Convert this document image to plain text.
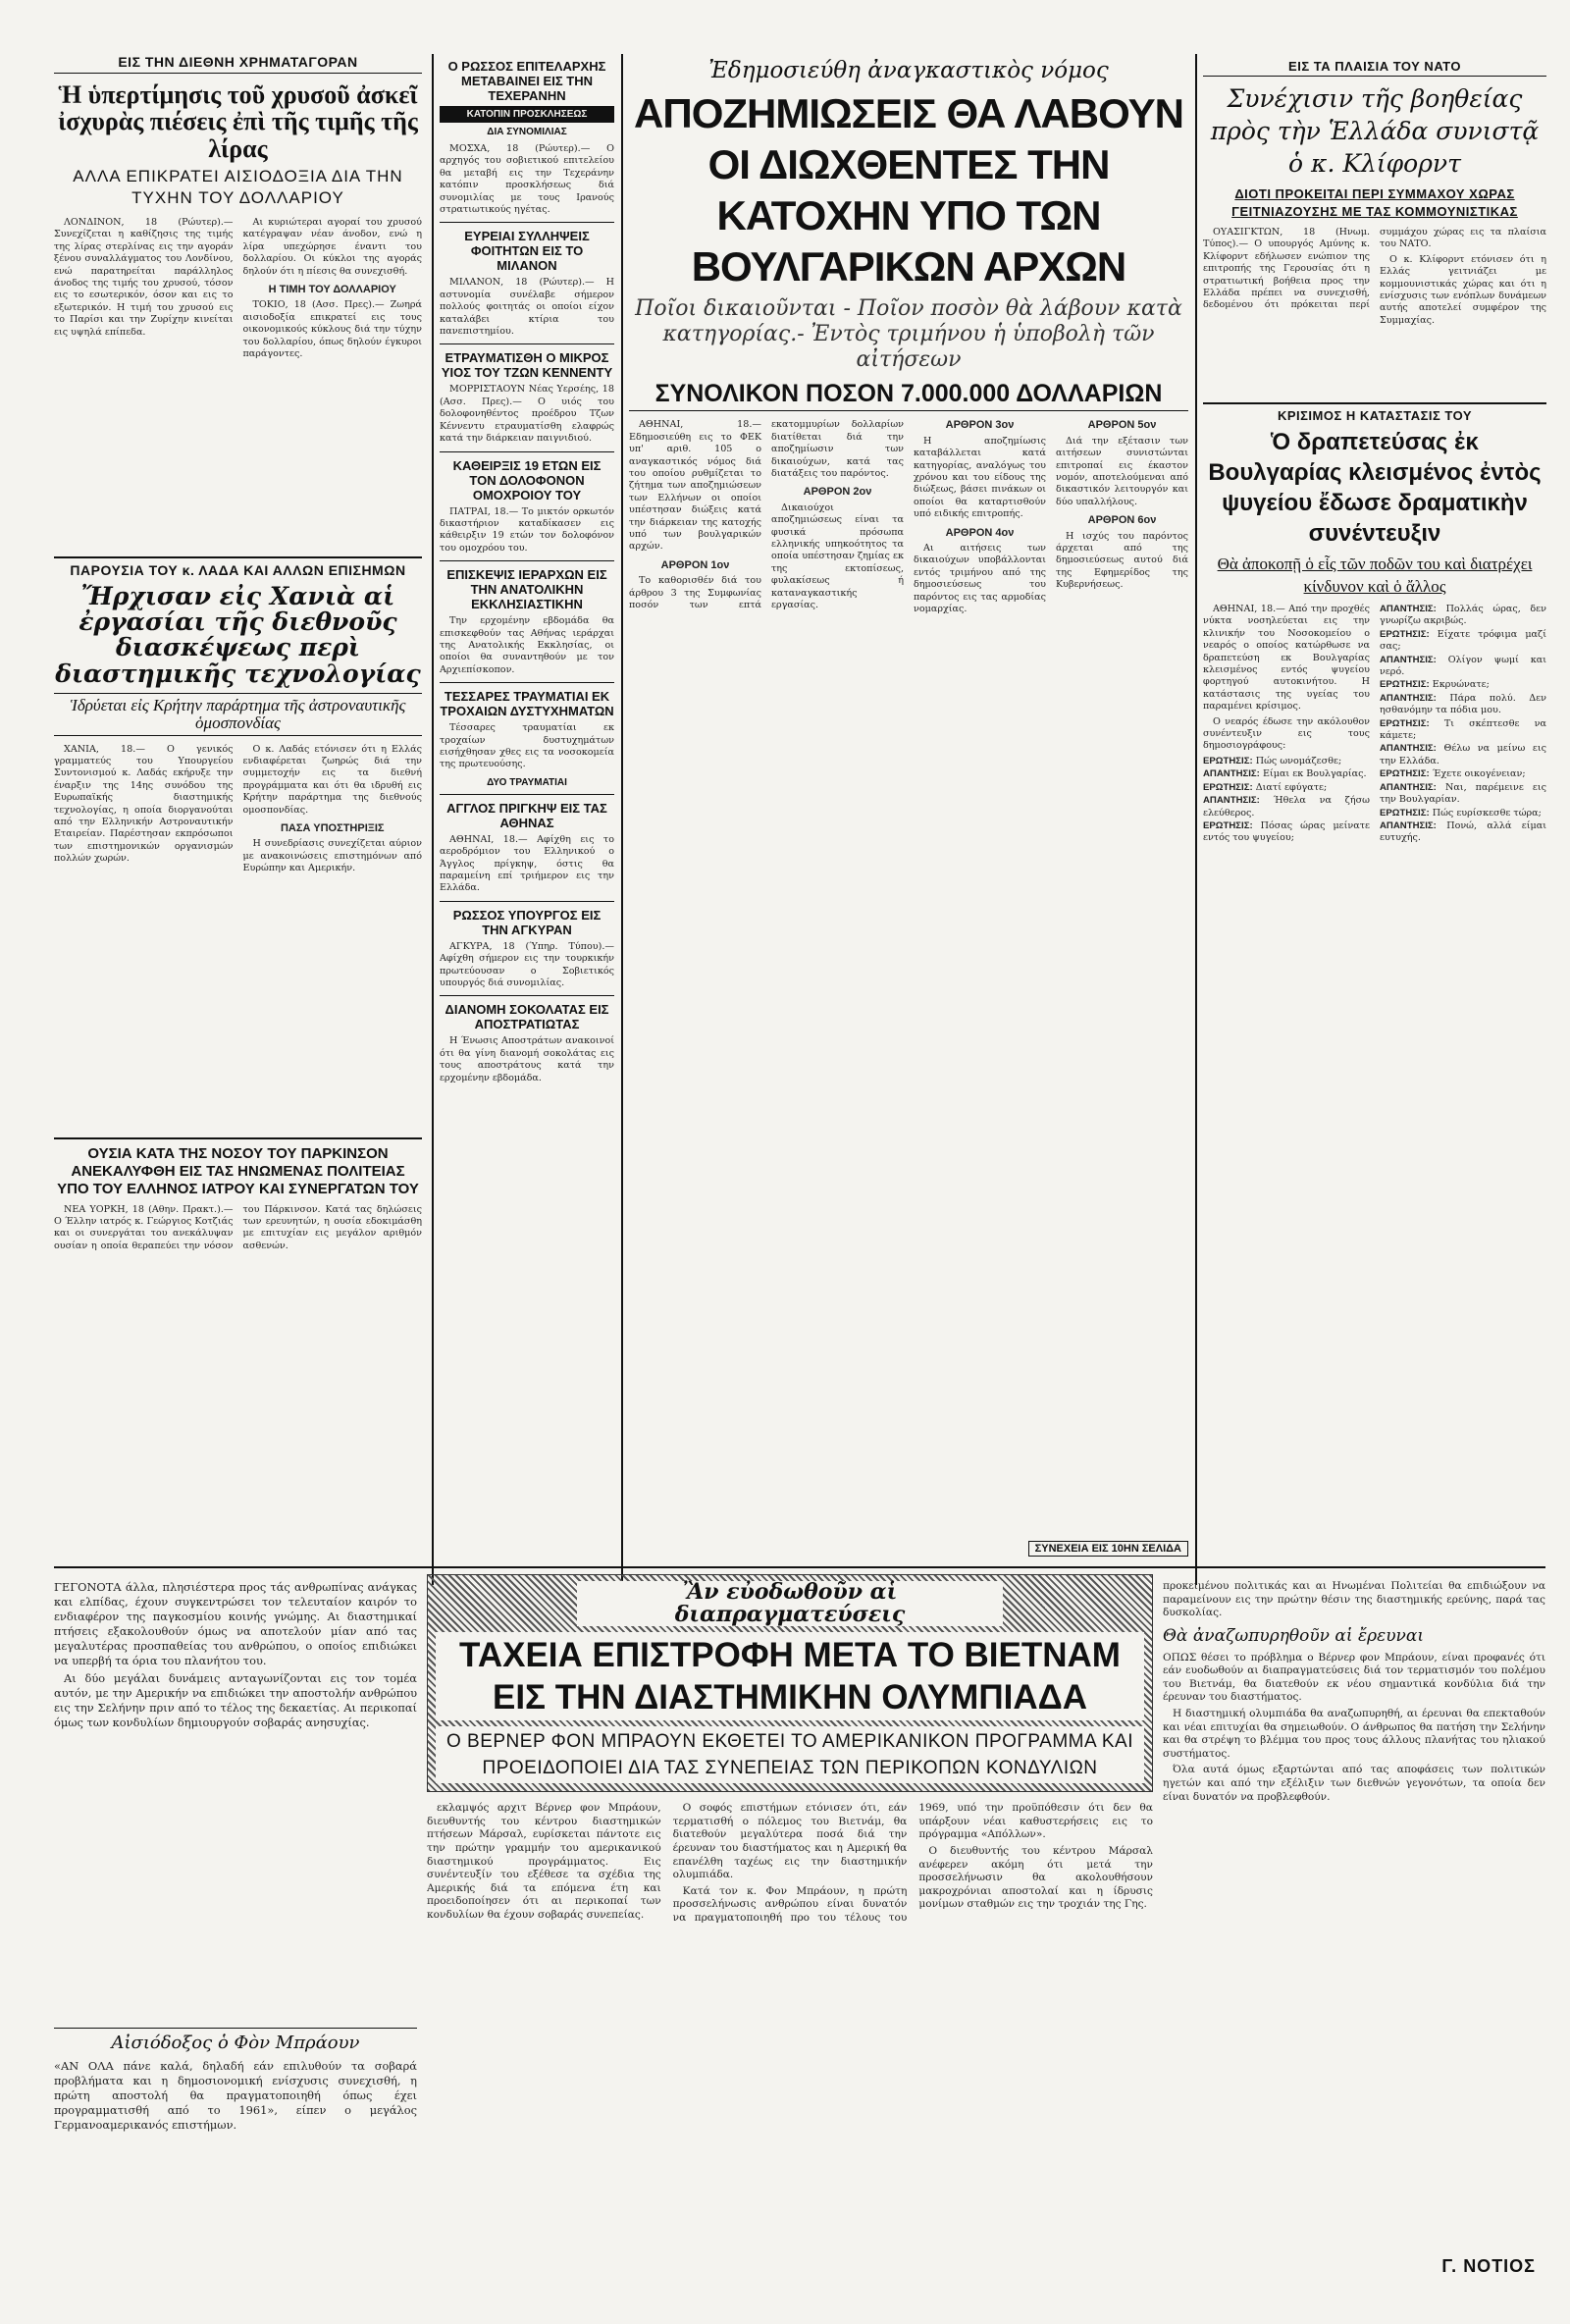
ΕΙΣ ΤΗΝ ΔΙΕΘΝΗ ΧΡΗΜΑΤΑΓΟΡΑΝ
Ἡ ὑπερτίμησις τοῦ χρυσοῦ ἀσκεῖ ἰσχυρὰς πιέσεις ἐπὶ τῆς τιμῆς τῆς λίρας
ΑΛΛΑ ΕΠΙΚΡΑΤΕΙ ΑΙΣΙΟΔΟΞΙΑ ΔΙΑ ΤΗΝ ΤΥΧΗΝ ΤΟΥ ΔΟΛΛΑΡΙΟΥ

ΛΟΝΔΙΝΟΝ, 18 (Ρώυτερ).— Συνεχίζεται η καθίζησις της τιμής της λίρας στερλίνας εις την αγοράν ξένου συναλλάγματος του Λονδίνου, ενώ παρατηρείται παράλληλος άνοδος της τιμής του χρυσού, τόσον εις το εσωτερικόν, όσον και εις το εξωτερικόν. Η τιμή του χρυσού εις το Παρίσι και την Ζυρίχην κινείται εις υψηλά επίπεδα.

Αι κυριώτεραι αγοραί του χρυσού κατέγραψαν νέαν άνοδον, ενώ η λίρα υπεχώρησε έναντι του δολλαρίου. Οι κύκλοι της αγοράς δηλούν ότι η πίεσις θα συνεχισθή.

Η ΤΙΜΗ ΤΟΥ ΔΟΛΛΑΡΙΟΥ

ΤΟΚΙΟ, 18 (Ασσ. Πρες).— Ζωηρά αισιοδοξία επικρατεί εις τους οικονομικούς κύκλους διά την τύχην του δολλαρίου, όπως δηλούν έγκυροι παράγοντες.

ΠΑΡΟΥΣΙΑ ΤΟΥ κ. ΛΑΔΑ ΚΑΙ ΑΛΛΩΝ ΕΠΙΣΗΜΩΝ
Ἤρχισαν εἰς Χανιὰ αἱ ἐργασίαι τῆς διεθνοῦς διασκέψεως περὶ διαστημικῆς τεχνολογίας
Ἱδρύεται εἰς Κρήτην παράρτημα τῆς ἀστροναυτικῆς ὁμοσπονδίας

ΧΑΝΙΑ, 18.— Ο γενικός γραμματεύς του Υπουργείου Συντονισμού κ. Λαδάς εκήρυξε την έναρξιν της 14ης συνόδου της Ευρωπαϊκής διαστημικής τεχνολογίας, η οποία διοργανούται από την Ελληνικήν Αστροναυτικήν Εταιρείαν. Παρέστησαν εκπρόσωποι των επιστημονικών οργανισμών πολλών χωρών.

Ο κ. Λαδάς ετόνισεν ότι η Ελλάς ενδιαφέρεται ζωηρώς διά την συμμετοχήν εις τα διεθνή προγράμματα και ότι θα ιδρυθή εις Κρήτην παράρτημα της διεθνούς ομοσπονδίας.

ΠΑΣΑ ΥΠΟΣΤΗΡΙΞΙΣ

Η συνεδρίασις συνεχίζεται αύριον με ανακοινώσεις επιστημόνων από Ευρώπην και Αμερικήν.

ΟΥΣΙΑ ΚΑΤΑ ΤΗΣ ΝΟΣΟΥ ΤΟΥ ΠΑΡΚΙΝΣΟΝ ΑΝΕΚΑΛΥΦΘΗ ΕΙΣ ΤΑΣ ΗΝΩΜΕΝΑΣ ΠΟΛΙΤΕΙΑΣ ΥΠΟ ΤΟΥ ΕΛΛΗΝΟΣ ΙΑΤΡΟΥ ΚΑΙ ΣΥΝΕΡΓΑΤΩΝ ΤΟΥ

ΝΕΑ ΥΟΡΚΗ, 18 (Αθην. Πρακτ.).— Ο Έλλην ιατρός κ. Γεώργιος Κοτζιάς και οι συνεργάται του ανεκάλυψαν ουσίαν η οποία θεραπεύει την νόσον του Πάρκινσον. Κατά τας δηλώσεις των ερευνητών, η ουσία εδοκιμάσθη με επιτυχίαν εις μεγάλον αριθμόν ασθενών.

Ο ΡΩΣΣΟΣ ΕΠΙΤΕΛΑΡΧΗΣ ΜΕΤΑΒΑΙΝΕΙ ΕΙΣ ΤΗΝ ΤΕΧΕΡΑΝΗΝ
ΚΑΤΟΠΙΝ ΠΡΟΣΚΛΗΣΕΩΣ
ΔΙΑ ΣΥΝΟΜΙΛΙΑΣ

ΜΟΣΧΑ, 18 (Ρώυτερ).— Ο αρχηγός του σοβιετικού επιτελείου θα μεταβή εις την Τεχεράνην κατόπιν προσκλήσεως διά συνομιλίας με τους Ιρανούς στρατιωτικούς ηγέτας.

ΕΥΡΕΙΑΙ ΣΥΛΛΗΨΕΙΣ ΦΟΙΤΗΤΩΝ ΕΙΣ ΤΟ ΜΙΛΑΝΟΝ

ΜΙΛΑΝΟΝ, 18 (Ρώυτερ).— Η αστυνομία συνέλαβε σήμερον πολλούς φοιτητάς οι οποίοι είχον καταλάβει κτίρια του πανεπιστημίου.

ΕΤΡΑΥΜΑΤΙΣΘΗ Ο ΜΙΚΡΟΣ ΥΙΟΣ ΤΟΥ ΤΖΩΝ ΚΕΝΝΕΝΤΥ

ΜΟΡΡΙΣΤΑΟΥΝ Νέας Υερσέης, 18 (Ασσ. Πρες).— Ο υιός του δολοφονηθέντος προέδρου Τζων Κέννεντυ ετραυματίσθη ελαφρώς κατά την διάρκειαν παιγνιδιού.

ΚΑΘΕΙΡΞΙΣ 19 ΕΤΩΝ ΕΙΣ ΤΟΝ ΔΟΛΟΦΟΝΟΝ ΟΜΟΧΡΟΙΟΥ ΤΟΥ

ΠΑΤΡΑΙ, 18.— Το μικτόν ορκωτόν δικαστήριον καταδίκασεν εις κάθειρξιν 19 ετών τον δολοφόνον του ομοχρόου του.

ΕΠΙΣΚΕΨΙΣ ΙΕΡΑΡΧΩΝ ΕΙΣ ΤΗΝ ΑΝΑΤΟΛΙΚΗΝ ΕΚΚΛΗΣΙΑΣΤΙΚΗΝ

Την ερχομένην εβδομάδα θα επισκεφθούν τας Αθήνας ιεράρχαι της Ανατολικής Εκκλησίας, οι οποίοι θα συναντηθούν με τον Αρχιεπίσκοπον.

ΤΕΣΣΑΡΕΣ ΤΡΑΥΜΑΤΙΑΙ ΕΚ ΤΡΟΧΑΙΩΝ ΔΥΣΤΥΧΗΜΑΤΩΝ

Τέσσαρες τραυματίαι εκ τροχαίων δυστυχημάτων εισήχθησαν χθες εις τα νοσοκομεία της πρωτευούσης.

ΔΥΟ ΤΡΑΥΜΑΤΙΑΙ
ΑΓΓΛΟΣ ΠΡΙΓΚΗΨ ΕΙΣ ΤΑΣ ΑΘΗΝΑΣ

ΑΘΗΝΑΙ, 18.— Αφίχθη εις το αεροδρόμιον του Ελληνικού ο Άγγλος πρίγκηψ, όστις θα παραμείνη επί τριήμερον εις την Ελλάδα.

ΡΩΣΣΟΣ ΥΠΟΥΡΓΟΣ ΕΙΣ ΤΗΝ ΑΓΚΥΡΑΝ

ΑΓΚΥΡΑ, 18 (Ύπηρ. Τύπου).— Αφίχθη σήμερον εις την τουρκικήν πρωτεύουσαν ο Σοβιετικός υπουργός διά συνομιλίας.

ΔΙΑΝΟΜΗ ΣΟΚΟΛΑΤΑΣ ΕΙΣ ΑΠΟΣΤΡΑΤΙΩΤΑΣ

Η Ένωσις Αποστράτων ανακοινοί ότι θα γίνη διανομή σοκολάτας εις τους αποστράτους κατά την ερχομένην εβδομάδα.

Ἐδημοσιεύθη ἀναγκαστικὸς νόμος
ΑΠΟΖΗΜΙΩΣΕΙΣ ΘΑ ΛΑΒΟΥΝ ΟΙ ΔΙΩΧΘΕΝΤΕΣ ΤΗΝ ΚΑΤΟΧΗΝ ΥΠΟ ΤΩΝ ΒΟΥΛΓΑΡΙΚΩΝ ΑΡΧΩΝ
Ποῖοι δικαιοῦνται - Ποῖον ποσὸν θὰ λάβουν κατὰ κατηγορίας.- Ἐντὸς τριμήνου ἡ ὑποβολὴ τῶν αἰτήσεων
ΣΥΝΟΛΙΚΟΝ ΠΟΣΟΝ 7.000.000 ΔΟΛΛΑΡΙΩΝ

ΑΘΗΝΑΙ, 18.— Εδημοσιεύθη εις το ΦΕΚ υπ' αριθ. 105 ο αναγκαστικός νόμος διά του οποίου ρυθμίζεται το ζήτημα των αποζημιώσεων των Ελλήνων οι οποίοι υπέστησαν διώξεις κατά την διάρκειαν της κατοχής υπό των βουλγαρικών αρχών.

ΑΡΘΡΟΝ 1ον

Το καθορισθέν διά του άρθρου 3 της Συμφωνίας ποσόν των επτά εκατομμυρίων δολλαρίων διατίθεται διά την αποζημίωσιν των δικαιούχων, κατά τας διατάξεις του παρόντος.

ΑΡΘΡΟΝ 2ον

Δικαιούχοι αποζημιώσεως είναι τα φυσικά πρόσωπα ελληνικής υπηκοότητος τα οποία υπέστησαν ζημίας εκ της εκτοπίσεως, φυλακίσεως ή καταναγκαστικής εργασίας.

ΑΡΘΡΟΝ 3ον

Η αποζημίωσις καταβάλλεται κατά κατηγορίας, αναλόγως του χρόνου και του είδους της διώξεως, βάσει πινάκων οι οποίοι θα καταρτισθούν υπό ειδικής επιτροπής.

ΑΡΘΡΟΝ 4ον

Αι αιτήσεις των δικαιούχων υποβάλλονται εντός τριμήνου από της δημοσιεύσεως του παρόντος εις τας αρμοδίας νομαρχίας.

ΑΡΘΡΟΝ 5ον

Διά την εξέτασιν των αιτήσεων συνιστώνται επιτροπαί εις έκαστον νομόν, αποτελούμεναι από δικαστικόν λειτουργόν και δύο υπαλλήλους.

ΑΡΘΡΟΝ 6ον

Η ισχύς του παρόντος άρχεται από της δημοσιεύσεως αυτού διά της Εφημερίδος της Κυβερνήσεως.

ΣΥΝΕΧΕΙΑ ΕΙΣ 10ΗΝ ΣΕΛΙΔΑ
ΕΙΣ ΤΑ ΠΛΑΙΣΙΑ ΤΟΥ ΝΑΤΟ
Συνέχισιν τῆς βοηθείας πρὸς τὴν Ἑλλάδα συνιστᾷ ὁ κ. Κλίφορντ
ΔΙΟΤΙ ΠΡΟΚΕΙΤΑΙ ΠΕΡΙ ΣΥΜΜΑΧΟΥ ΧΩΡΑΣ ΓΕΙΤΝΙΑΖΟΥΣΗΣ ΜΕ ΤΑΣ ΚΟΜΜΟΥΝΙΣΤΙΚΑΣ

ΟΥΑΣΙΓΚΤΩΝ, 18 (Ηνωμ. Τύπος).— Ο υπουργός Αμύνης κ. Κλίφορντ εδήλωσεν ενώπιον της επιτροπής της Γερουσίας ότι η στρατιωτική βοήθεια προς την Ελλάδα πρέπει να συνεχισθή, δεδομένου ότι πρόκειται περί συμμάχου χώρας εις τα πλαίσια του ΝΑΤΟ.

Ο κ. Κλίφορντ ετόνισεν ότι η Ελλάς γειτνιάζει με κομμουνιστικάς χώρας και ότι η ενίσχυσις των ενόπλων δυνάμεων αυτής αποτελεί συμφέρον της Συμμαχίας.

ΚΡΙΣΙΜΟΣ Η ΚΑΤΑΣΤΑΣΙΣ ΤΟΥ
Ὁ δραπετεύσας ἐκ Βουλγαρίας κλεισμένος ἐντὸς ψυγείου ἔδωσε δραματικὴν συνέντευξιν
Θὰ ἀποκοπῇ ὁ εἷς τῶν ποδῶν του καὶ διατρέχει κίνδυνον καὶ ὁ ἄλλος

ΑΘΗΝΑΙ, 18.— Από την προχθές νύκτα νοσηλεύεται εις την κλινικήν του Νοσοκομείου ο νεαρός ο οποίος κατώρθωσε να δραπετεύση εκ Βουλγαρίας κλεισμένος εντός ψυγείου φορτηγού αυτοκινήτου. Η κατάστασις της υγείας του παραμένει κρίσιμος.

Ο νεαρός έδωσε την ακόλουθον συνέντευξιν εις τους δημοσιογράφους:

ΕΡΩΤΗΣΙΣ: Πώς ωνομάζεσθε;
ΑΠΑΝΤΗΣΙΣ: Είμαι εκ Βουλγαρίας.
ΕΡΩΤΗΣΙΣ: Διατί εφύγατε;
ΑΠΑΝΤΗΣΙΣ: Ήθελα να ζήσω ελεύθερος.
ΕΡΩΤΗΣΙΣ: Πόσας ώρας μείνατε εντός του ψυγείου;
ΑΠΑΝΤΗΣΙΣ: Πολλάς ώρας, δεν γνωρίζω ακριβώς.
ΕΡΩΤΗΣΙΣ: Είχατε τρόφιμα μαζί σας;
ΑΠΑΝΤΗΣΙΣ: Ολίγον ψωμί και νερό.
ΕΡΩΤΗΣΙΣ: Εκρυώνατε;
ΑΠΑΝΤΗΣΙΣ: Πάρα πολύ. Δεν ησθανόμην τα πόδια μου.
ΕΡΩΤΗΣΙΣ: Τι σκέπτεσθε να κάμετε;
ΑΠΑΝΤΗΣΙΣ: Θέλω να μείνω εις την Ελλάδα.
ΕΡΩΤΗΣΙΣ: Έχετε οικογένειαν;
ΑΠΑΝΤΗΣΙΣ: Ναι, παρέμεινε εις την Βουλγαρίαν.
ΕΡΩΤΗΣΙΣ: Πώς ευρίσκεσθε τώρα;
ΑΠΑΝΤΗΣΙΣ: Πονώ, αλλά είμαι ευτυχής.

ΓΕΓΟΝΟΤΑ άλλα, πλησιέστερα προς τάς ανθρωπίνας ανάγκας και ελπίδας, έχουν συγκεντρώσει τον τελευταίον καιρόν το ενδιαφέρον της παγκοσμίου κοινής γνώμης. Αι διαστημικαί πτήσεις εξακολουθούν όμως να αποτελούν μίαν από τας μεγαλυτέρας προσπαθείας του ανθρώπου, ο οποίος επιδιώκει να υπερβή τα όρια του πλανήτου του.

Αι δύο μεγάλαι δυνάμεις ανταγωνίζονται εις τον τομέα αυτόν, με την Αμερικήν να επιδιώκει την αποστολήν ανθρώπου εις την Σελήνην πριν από το τέλος της δεκαετίας. Αι περικοπαί όμως των κονδυλίων δημιουργούν σοβαράς ανησυχίας.

Αἰσιόδοξος ὁ Φὸν Μπράουν

«ΑΝ ΟΛΑ πάνε καλά, δηλαδή εάν επιλυθούν τα σοβαρά προβλήματα και η δημοσιονομική ενίσχυσις συνεχισθή, η πρώτη αποστολή θα πραγματοποιηθή όπως έχει προγραμματισθή από το 1961», είπεν ο μεγάλος Γερμανοαμερικανός επιστήμων.

Ἂν εὐοδωθοῦν αἱ διαπραγματεύσεις
ΤΑΧΕΙΑ ΕΠΙΣΤΡΟΦΗ ΜΕΤΑ ΤΟ ΒΙΕΤΝΑΜ ΕΙΣ ΤΗΝ ΔΙΑΣΤΗΜΙΚΗΝ ΟΛΥΜΠΙΑΔΑ
Ο ΒΕΡΝΕΡ ΦΟΝ ΜΠΡΑΟΥΝ ΕΚΘΕΤΕΙ ΤΟ ΑΜΕΡΙΚΑΝΙΚΟΝ ΠΡΟΓΡΑΜΜΑ ΚΑΙ ΠΡΟΕΙΔΟΠΟΙΕΙ ΔΙΑ ΤΑΣ ΣΥΝΕΠΕΙΑΣ ΤΩΝ ΠΕΡΙΚΟΠΩΝ ΚΟΝΔΥΛΙΩΝ

εκλαμψός αρχιτ Βέρνερ φον Μπράουν, διευθυντής του κέντρου διαστημικών πτήσεων Μάρσαλ, ευρίσκεται πάντοτε εις την πρώτην γραμμήν του αμερικανικού διαστημικού προγράμματος. Εις συνέντευξίν του εξέθεσε τα σχέδια της Αμερικής διά τα επόμενα έτη και προειδοποίησεν ότι αι περικοπαί των κονδυλίων θα έχουν σοβαράς συνεπείας.

Ο σοφός επιστήμων ετόνισεν ότι, εάν τερματισθή ο πόλεμος του Βιετνάμ, θα διατεθούν μεγαλύτερα ποσά διά την έρευναν του διαστήματος και η Αμερική θα επανέλθη ταχέως εις την διαστημικήν ολυμπιάδα.

Κατά τον κ. Φον Μπράουν, η πρώτη προσσελήνωσις ανθρώπου είναι δυνατόν να πραγματοποιηθή προ του τέλους του 1969, υπό την προϋπόθεσιν ότι δεν θα υπάρξουν νέαι καθυστερήσεις εις το πρόγραμμα «Απόλλων».

Ο διευθυντής του κέντρου Μάρσαλ ανέφερεν ακόμη ότι μετά την προσσελήνωσιν θα ακολουθήσουν μακροχρόνιαι αποστολαί και η ίδρυσις μονίμων σταθμών εις την τροχιάν της Γης.

προκειμένου πολιτικάς και αι Ηνωμέναι Πολιτείαι θα επιδιώξουν να παραμείνουν εις την πρώτην θέσιν της διαστημικής ερεύνης, παρά τας δυσκολίας.

Θὰ ἀναζωπυρηθοῦν αἱ ἔρευναι

ΟΠΩΣ θέσει το πρόβλημα ο Βέρνερ φον Μπράουν, είναι προφανές ότι εάν ευοδωθούν αι διαπραγματεύσεις διά τον τερματισμόν του πολέμου του Βιετνάμ, θα διατεθούν εκ νέου σημαντικά κονδύλια διά την έρευναν του διαστήματος.

Η διαστημική ολυμπιάδα θα αναζωπυρηθή, αι έρευναι θα επεκταθούν και νέαι επιτυχίαι θα σημειωθούν. Ο άνθρωπος θα πατήση την Σελήνην και θα στρέψη το βλέμμα του προς τους άλλους πλανήτας του ηλιακού συστήματος.

Όλα αυτά όμως εξαρτώνται από τας αποφάσεις των πολιτικών ηγετών και από την εξέλιξιν των διεθνών γεγονότων, τα οποία δεν είναι δυνατόν να προβλεφθούν.

Γ. ΝΟΤΙΟΣ
